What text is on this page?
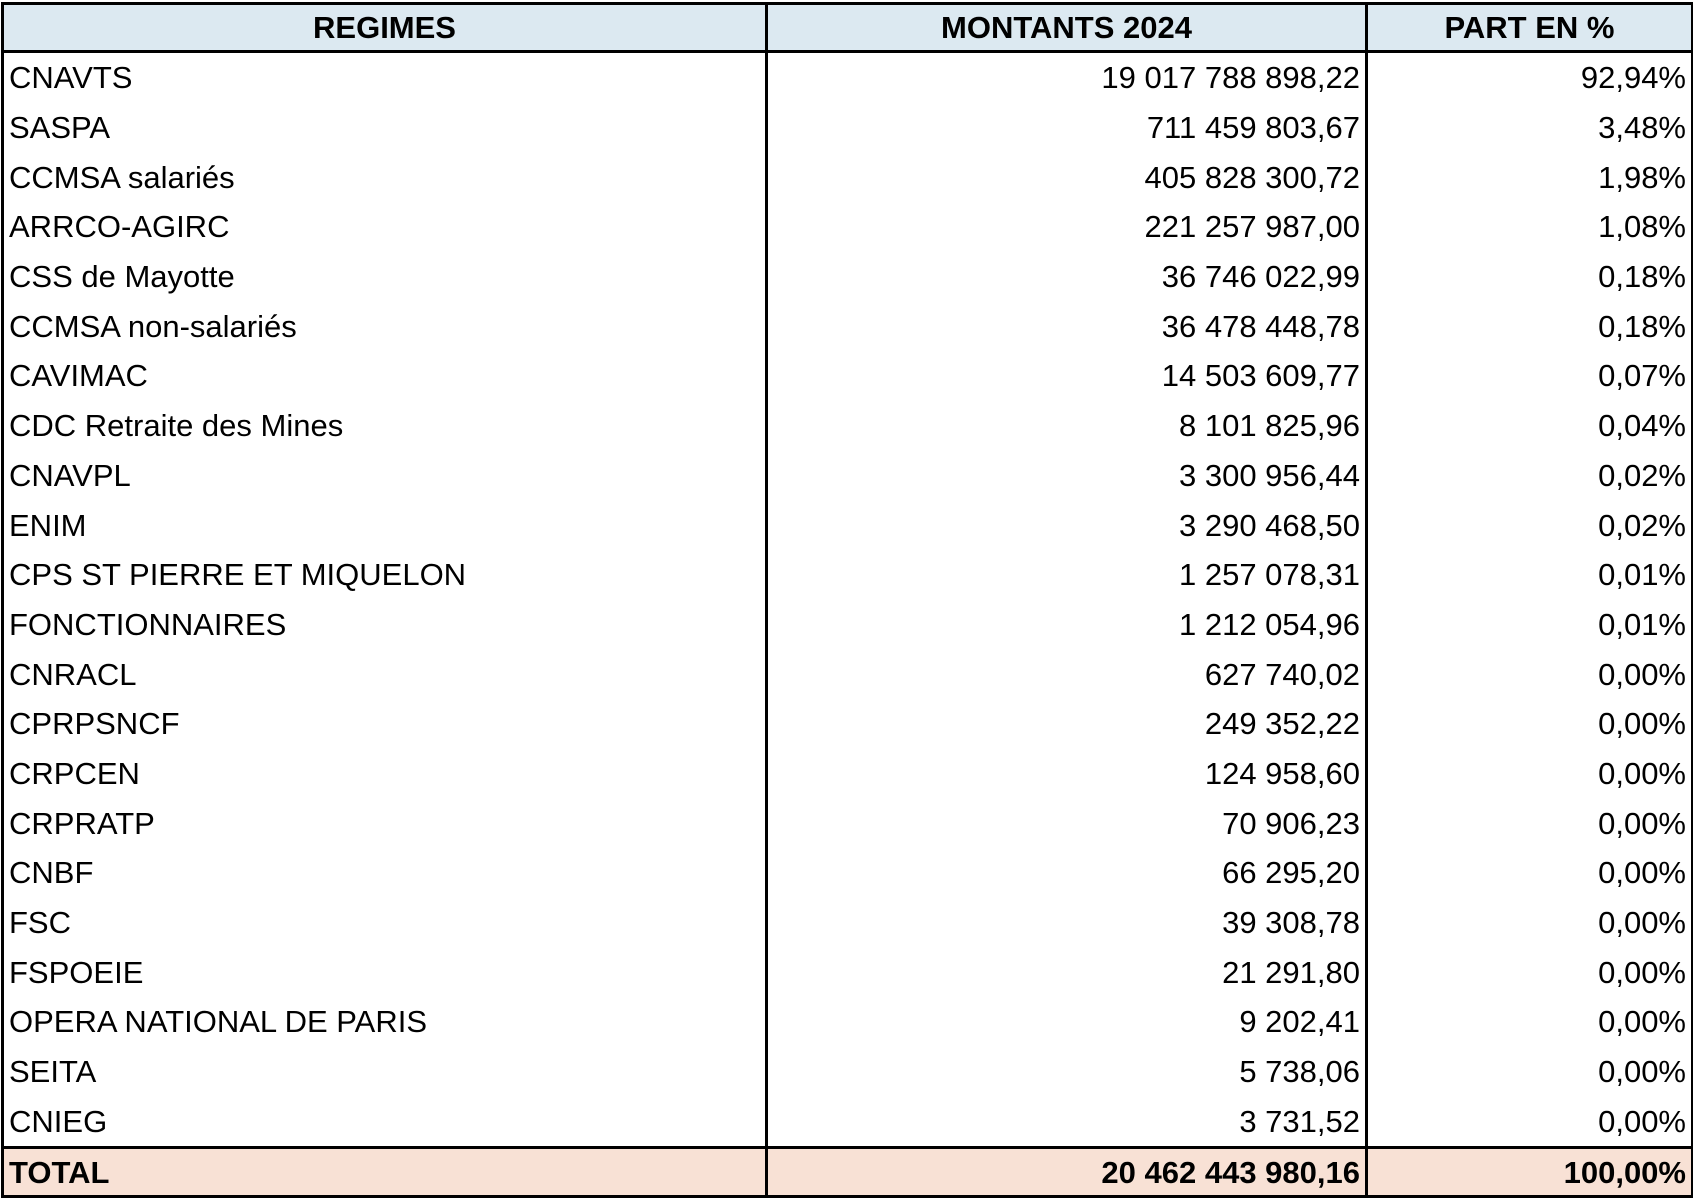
REGIMES	MONTANTS 2024	PART EN %
CNAVTS	19 017 788 898,22	92,94%
SASPA	711 459 803,67	3,48%
CCMSA salariés	405 828 300,72	1,98%
ARRCO-AGIRC	221 257 987,00	1,08%
CSS de Mayotte	36 746 022,99	0,18%
CCMSA non-salariés	36 478 448,78	0,18%
CAVIMAC	14 503 609,77	0,07%
CDC Retraite des Mines	8 101 825,96	0,04%
CNAVPL	3 300 956,44	0,02%
ENIM	3 290 468,50	0,02%
CPS ST PIERRE ET MIQUELON	1 257 078,31	0,01%
FONCTIONNAIRES	1 212 054,96	0,01%
CNRACL	627 740,02	0,00%
CPRPSNCF	249 352,22	0,00%
CRPCEN	124 958,60	0,00%
CRPRATP	70 906,23	0,00%
CNBF	66 295,20	0,00%
FSC	39 308,78	0,00%
FSPOEIE	21 291,80	0,00%
OPERA NATIONAL DE PARIS	9 202,41	0,00%
SEITA	5 738,06	0,00%
CNIEG	3 731,52	0,00%
TOTAL	20 462 443 980,16	100,00%
